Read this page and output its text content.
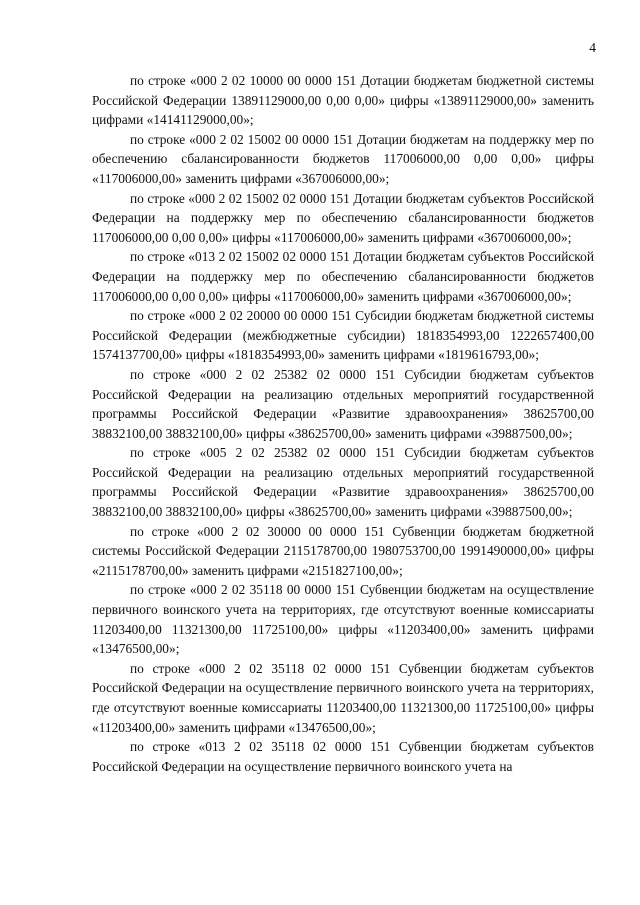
4

по строке «000 2 02 10000 00 0000 151 Дотации бюджетам бюджетной системы Российской Федерации 13891129000,00 0,00 0,00» цифры «13891129000,00» заменить цифрами «14141129000,00»;

по строке «000 2 02 15002 00 0000 151 Дотации бюджетам на поддержку мер по обеспечению сбалансированности бюджетов 117006000,00 0,00 0,00» цифры «117006000,00» заменить цифрами «367006000,00»;

по строке «000 2 02 15002 02 0000 151 Дотации бюджетам субъектов Российской Федерации на поддержку мер по обеспечению сбалансированности бюджетов 117006000,00 0,00 0,00» цифры «117006000,00» заменить цифрами «367006000,00»;

по строке «013 2 02 15002 02 0000 151 Дотации бюджетам субъектов Российской Федерации на поддержку мер по обеспечению сбалансированности бюджетов 117006000,00 0,00 0,00» цифры «117006000,00» заменить цифрами «367006000,00»;

по строке «000 2 02 20000 00 0000 151 Субсидии бюджетам бюджетной системы Российской Федерации (межбюджетные субсидии) 1818354993,00 1222657400,00 1574137700,00» цифры «1818354993,00» заменить цифрами «1819616793,00»;

по строке «000 2 02 25382 02 0000 151 Субсидии бюджетам субъектов Российской Федерации на реализацию отдельных мероприятий государственной программы Российской Федерации «Развитие здравоохранения» 38625700,00 38832100,00 38832100,00» цифры «38625700,00» заменить цифрами «39887500,00»;

по строке «005 2 02 25382 02 0000 151 Субсидии бюджетам субъектов Российской Федерации на реализацию отдельных мероприятий государственной программы Российской Федерации «Развитие здравоохранения» 38625700,00 38832100,00 38832100,00» цифры «38625700,00» заменить цифрами «39887500,00»;

по строке «000 2 02 30000 00 0000 151 Субвенции бюджетам бюджетной системы Российской Федерации 2115178700,00 1980753700,00 1991490000,00» цифры «2115178700,00» заменить цифрами «2151827100,00»;

по строке «000 2 02 35118 00 0000 151 Субвенции бюджетам на осуществление первичного воинского учета на территориях, где отсутствуют военные комиссариаты 11203400,00 11321300,00 11725100,00» цифры «11203400,00» заменить цифрами «13476500,00»;

по строке «000 2 02 35118 02 0000 151 Субвенции бюджетам субъектов Российской Федерации на осуществление первичного воинского учета на территориях, где отсутствуют военные комиссариаты 11203400,00 11321300,00 11725100,00» цифры «11203400,00» заменить цифрами «13476500,00»;

по строке «013 2 02 35118 02 0000 151 Субвенции бюджетам субъектов Российской Федерации на осуществление первичного воинского учета на
